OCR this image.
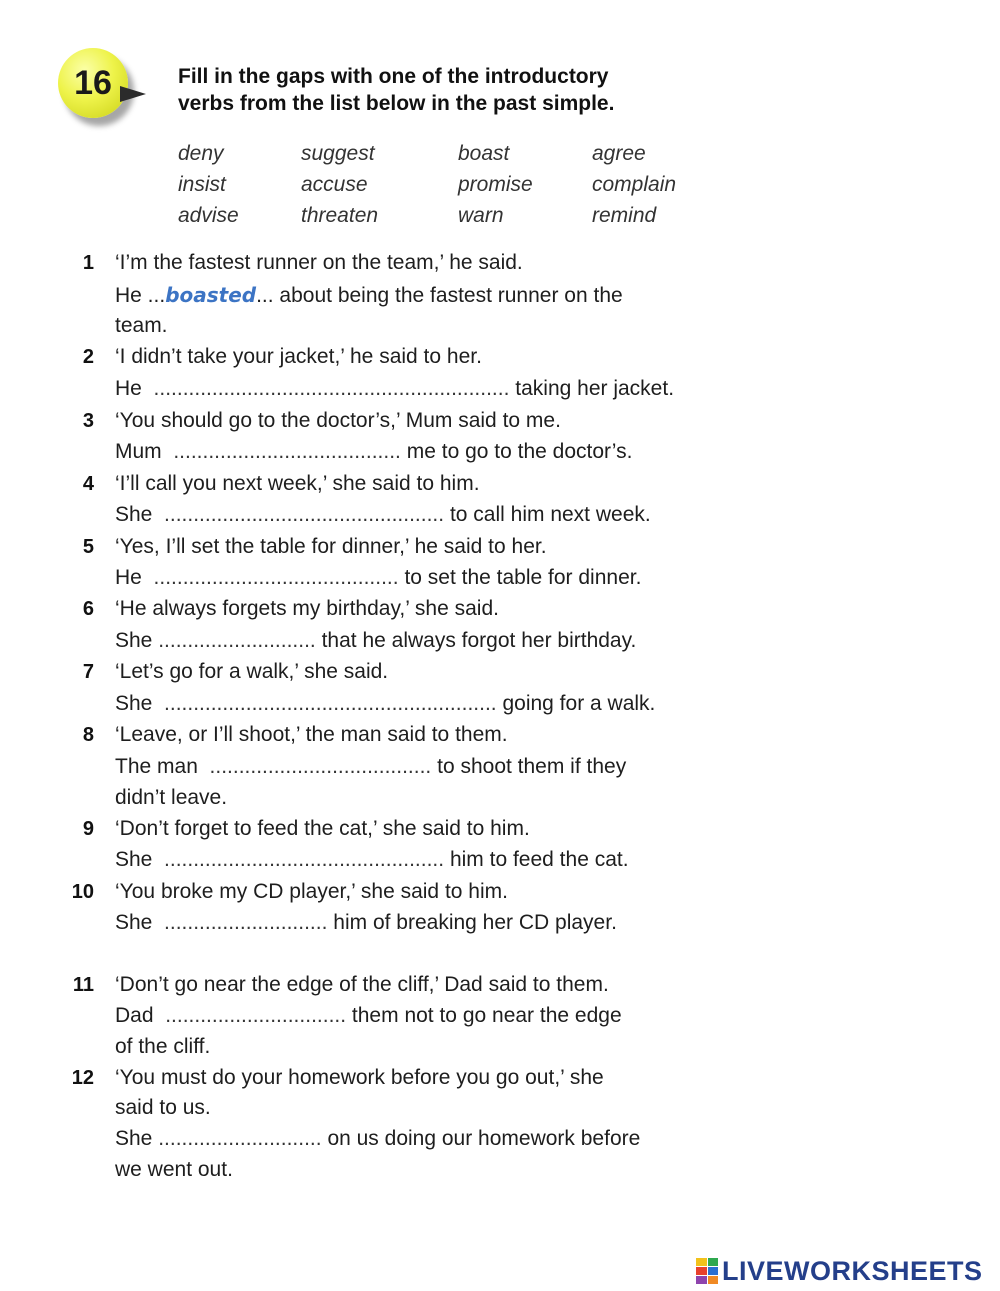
16	Fill in the gaps with one of the introductory
verbs from the list below in the past simple.
deny	suggest	boast	agree
insist	accuse	promise	complain
advise	threaten	warn	remind
1 ‘I’m the fastest runner on the team,’ he said.
He ...boasted... about being the fastest runner on the
team.
2 ‘I didn’t take your jacket,’ he said to her.
He ............................................................. taking her jacket.
3 ‘You should go to the doctor’s,’ Mum said to me.
Mum ....................................... me to go to the doctor’s.
4 ‘I’ll call you next week,’ she said to him.
She ................................................ to call him next week.
5 ‘Yes, I’ll set the table for dinner,’ he said to her.
He .......................................... to set the table for dinner.
6 ‘He always forgets my birthday,’ she said.
She ........................... that he always forgot her birthday.
7 ‘Let’s go for a walk,’ she said.
She ......................................................... going for a walk.
8 ‘Leave, or I’ll shoot,’ the man said to them.
The man ...................................... to shoot them if they
didn’t leave.
9 ‘Don’t forget to feed the cat,’ she said to him.
She ................................................ him to feed the cat.
10 ‘You broke my CD player,’ she said to him.
She ............................ him of breaking her CD player.
11 ‘Don’t go near the edge of the cliff,’ Dad said to them.
Dad ............................... them not to go near the edge
of the cliff.
12 ‘You must do your homework before you go out,’ she
said to us.
She ............................ on us doing our homework before
we went out.
LIVEWORKSHEETS
